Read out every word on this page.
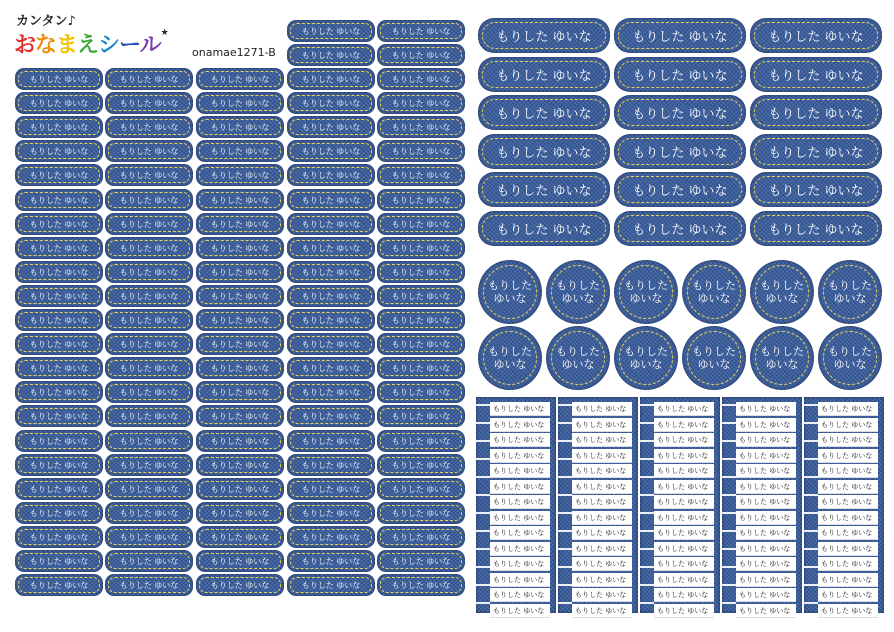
カンタン♪
おなまえシール★
onamae1271-B
もりした ゆいな
もりした ゆいな
もりした ゆいな
もりした ゆいな
もりした ゆいな
もりした ゆいな
もりした ゆいな
もりした ゆいな
もりした ゆいな
もりした ゆいな
もりした ゆいな
もりした ゆいな
もりした ゆいな
もりした ゆいな
もりした ゆいな
もりした ゆいな
もりした ゆいな
もりした ゆいな
もりした ゆいな
もりした ゆいな
もりした ゆいな
もりした ゆいな
もりした ゆいな
もりした ゆいな
もりした ゆいな
もりした ゆいな
もりした ゆいな
もりした ゆいな
もりした ゆいな
もりした ゆいな
もりした ゆいな
もりした ゆいな
もりした ゆいな
もりした ゆいな
もりした ゆいな
もりした ゆいな
もりした ゆいな
もりした ゆいな
もりした ゆいな
もりした ゆいな
もりした ゆいな
もりした ゆいな
もりした ゆいな
もりした ゆいな
もりした ゆいな
もりした ゆいな
もりした ゆいな
もりした ゆいな
もりした ゆいな
もりした ゆいな
もりした ゆいな
もりした ゆいな
もりした ゆいな
もりした ゆいな
もりした ゆいな
もりした ゆいな
もりした ゆいな
もりした ゆいな
もりした ゆいな
もりした ゆいな
もりした ゆいな
もりした ゆいな
もりした ゆいな
もりした ゆいな
もりした ゆいな
もりした ゆいな
もりした ゆいな
もりした ゆいな
もりした ゆいな
もりした ゆいな
もりした ゆいな
もりした ゆいな
もりした ゆいな
もりした ゆいな
もりした ゆいな
もりした ゆいな
もりした ゆいな
もりした ゆいな
もりした ゆいな
もりした ゆいな
もりした ゆいな
もりした ゆいな
もりした ゆいな
もりした ゆいな
もりした ゆいな
もりした ゆいな
もりした ゆいな
もりした ゆいな
もりした ゆいな
もりした ゆいな
もりした ゆいな
もりした ゆいな
もりした ゆいな
もりした ゆいな
もりした ゆいな
もりした ゆいな
もりした ゆいな
もりした ゆいな
もりした ゆいな
もりした ゆいな
もりした ゆいな
もりした ゆいな
もりした ゆいな
もりした ゆいな
もりした ゆいな
もりした ゆいな
もりした ゆいな
もりした ゆいな
もりした ゆいな
もりした ゆいな
もりした ゆいな
もりした ゆいな
もりした ゆいな
もりした ゆいな
もりした ゆいな
もりした ゆいな
もりした ゆいな
もりした ゆいな
もりした ゆいな
もりした ゆいな
もりした ゆいな
もりした ゆいな
もりした ゆいな
もりした ゆいな
もりした ゆいな
もりした ゆいな
もりした ゆいな
もりした ゆいな
もりした ゆいな
もりした ゆいな
もりした ゆいな
もりした ゆいな
もりした
ゆいな
もりした
ゆいな
もりした
ゆいな
もりした
ゆいな
もりした
ゆいな
もりした
ゆいな
もりした
ゆいな
もりした
ゆいな
もりした
ゆいな
もりした
ゆいな
もりした
ゆいな
もりした
ゆいな
もりした ゆいな
もりした ゆいな
もりした ゆいな
もりした ゆいな
もりした ゆいな
もりした ゆいな
もりした ゆいな
もりした ゆいな
もりした ゆいな
もりした ゆいな
もりした ゆいな
もりした ゆいな
もりした ゆいな
もりした ゆいな
もりした ゆいな
もりした ゆいな
もりした ゆいな
もりした ゆいな
もりした ゆいな
もりした ゆいな
もりした ゆいな
もりした ゆいな
もりした ゆいな
もりした ゆいな
もりした ゆいな
もりした ゆいな
もりした ゆいな
もりした ゆいな
もりした ゆいな
もりした ゆいな
もりした ゆいな
もりした ゆいな
もりした ゆいな
もりした ゆいな
もりした ゆいな
もりした ゆいな
もりした ゆいな
もりした ゆいな
もりした ゆいな
もりした ゆいな
もりした ゆいな
もりした ゆいな
もりした ゆいな
もりした ゆいな
もりした ゆいな
もりした ゆいな
もりした ゆいな
もりした ゆいな
もりした ゆいな
もりした ゆいな
もりした ゆいな
もりした ゆいな
もりした ゆいな
もりした ゆいな
もりした ゆいな
もりした ゆいな
もりした ゆいな
もりした ゆいな
もりした ゆいな
もりした ゆいな
もりした ゆいな
もりした ゆいな
もりした ゆいな
もりした ゆいな
もりした ゆいな
もりした ゆいな
もりした ゆいな
もりした ゆいな
もりした ゆいな
もりした ゆいな
